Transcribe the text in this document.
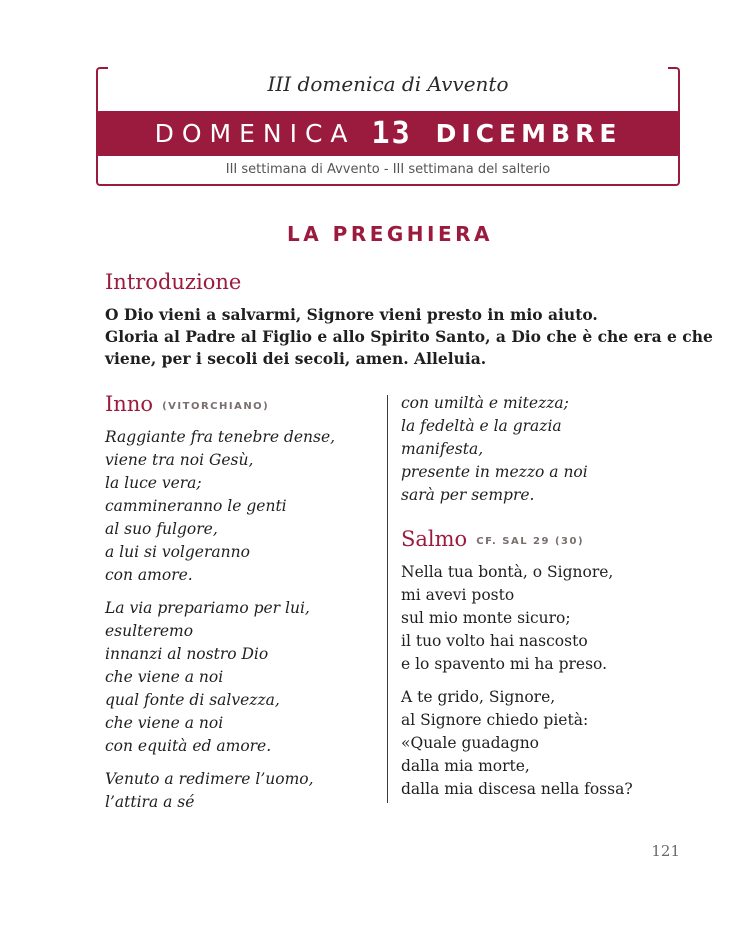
III domenica di Avvento
DOMENICA 13 DICEMBRE
III settimana di Avvento - III settimana del salterio
LA PREGHIERA
Introduzione
O Dio vieni a salvarmi, Signore vieni presto in mio aiuto.
Gloria al Padre al Figlio e allo Spirito Santo, a Dio che è che era e che
viene, per i secoli dei secoli, amen. Alleluia.
Inno (VITORCHIANO)
Raggiante fra tenebre dense,
viene tra noi Gesù,
la luce vera;
cammineranno le genti
al suo fulgore,
a lui si volgeranno
con amore.
La via prepariamo per lui,
esulteremo
innanzi al nostro Dio
che viene a noi
qual fonte di salvezza,
che viene a noi
con equità ed amore.
Venuto a redimere l’uomo,
l’attira a sé
con umiltà e mitezza;
la fedeltà e la grazia
manifesta,
presente in mezzo a noi
sarà per sempre.
Salmo CF. SAL 29 (30)
Nella tua bontà, o Signore,
mi avevi posto
sul mio monte sicuro;
il tuo volto hai nascosto
e lo spavento mi ha preso.
A te grido, Signore,
al Signore chiedo pietà:
«Quale guadagno
dalla mia morte,
dalla mia discesa nella fossa?
121
